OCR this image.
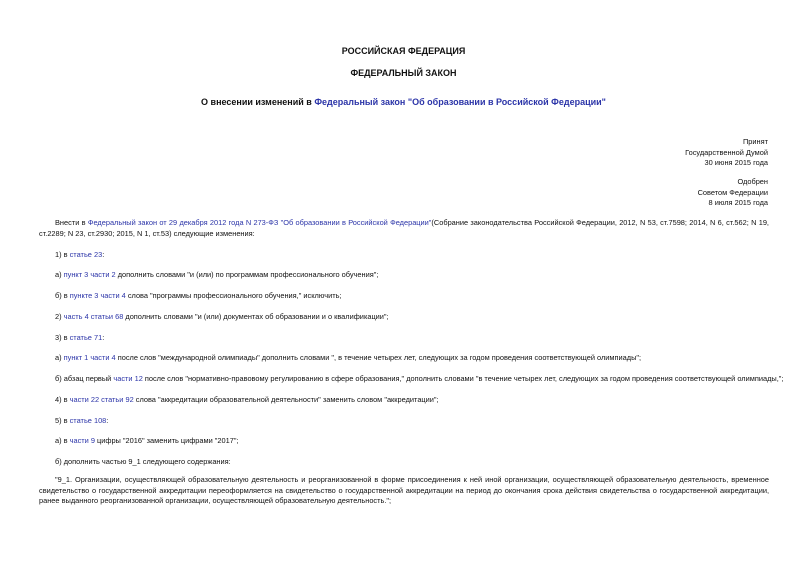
РОССИЙСКАЯ ФЕДЕРАЦИЯ
ФЕДЕРАЛЬНЫЙ ЗАКОН
О внесении изменений в Федеральный закон "Об образовании в Российской Федерации"
Принят
Государственной Думой
30 июня 2015 года
Одобрен
Советом Федерации
8 июля 2015 года
Внести в Федеральный закон от 29 декабря 2012 года N 273-ФЗ "Об образовании в Российской Федерации"(Собрание законодательства Российской Федерации, 2012, N 53, ст.7598; 2014, N 6, ст.562; N 19, ст.2289; N 23, ст.2930; 2015, N 1, ст.53) следующие изменения:
1) в статье 23:
а) пункт 3 части 2 дополнить словами "и (или) по программам профессионального обучения";
б) в пункте 3 части 4 слова "программы профессионального обучения," исключить;
2) часть 4 статьи 68 дополнить словами "и (или) документах об образовании и о квалификации";
3) в статье 71:
а) пункт 1 части 4 после слов "международной олимпиады" дополнить словами ", в течение четырех лет, следующих за годом проведения соответствующей олимпиады";
б) абзац первый части 12 после слов "нормативно-правовому регулированию в сфере образования," дополнить словами "в течение четырех лет, следующих за годом проведения соответствующей олимпиады,";
4) в части 22 статьи 92 слова "аккредитации образовательной деятельности" заменить словом "аккредитации";
5) в статье 108:
а) в части 9 цифры "2016" заменить цифрами "2017";
б) дополнить частью 9_1 следующего содержания:
"9_1. Организации, осуществляющей образовательную деятельность и реорганизованной в форме присоединения к ней иной организации, осуществляющей образовательную деятельность, временное свидетельство о государственной аккредитации переоформляется на свидетельство о государственной аккредитации на период до окончания срока действия свидетельства о государственной аккредитации, ранее выданного реорганизованной организации, осуществляющей образовательную деятельность.";
